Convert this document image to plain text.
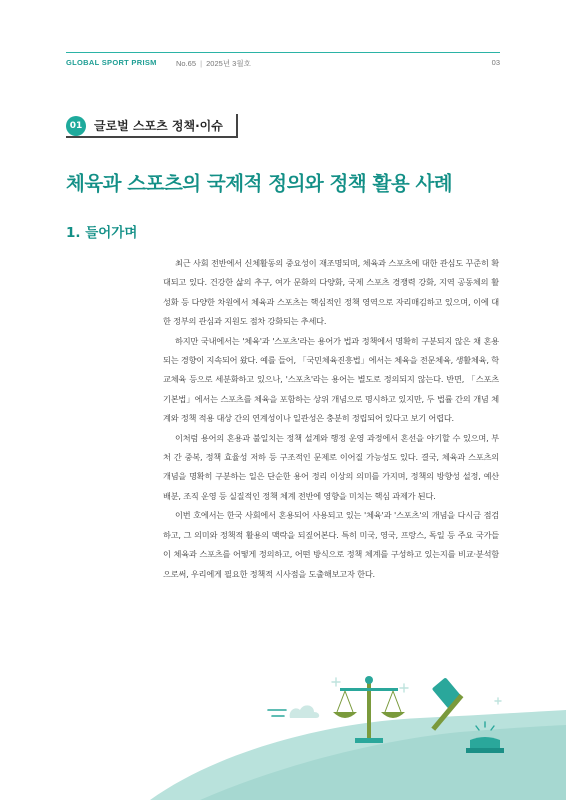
GLOBAL SPORT PRISM	No.65 | 2025년 3월호	03
01 글로벌 스포츠 정책·이슈
체육과 스포츠의 국제적 정의와 정책 활용 사례
1. 들어가며

최근 사회 전반에서 신체활동의 중요성이 재조명되며, 체육과 스포츠에 대한 관심도 꾸준히 확대되고 있다. 건강한 삶의 추구, 여가 문화의 다양화, 국제 스포츠 경쟁력 강화, 지역 공동체의 활성화 등 다양한 차원에서 체육과 스포츠는 핵심적인 정책 영역으로 자리매김하고 있으며, 이에 대한 정부의 관심과 지원도 점차 강화되는 추세다.

하지만 국내에서는 '체육'과 '스포츠'라는 용어가 법과 정책에서 명확히 구분되지 않은 채 혼용되는 경향이 지속되어 왔다. 예를 들어, 「국민체육진흥법」에서는 체육을 전문체육, 생활체육, 학교체육 등으로 세분화하고 있으나, '스포츠'라는 용어는 별도로 정의되지 않는다. 반면, 「스포츠기본법」에서는 스포츠를 체육을 포함하는 상위 개념으로 명시하고 있지만, 두 법률 간의 개념 체계와 정책 적용 대상 간의 연계성이나 일관성은 충분히 정립되어 있다고 보기 어렵다.

이처럼 용어의 혼용과 불일치는 정책 설계와 행정 운영 과정에서 혼선을 야기할 수 있으며, 부처 간 중복, 정책 효율성 저하 등 구조적인 문제로 이어질 가능성도 있다. 결국, 체육과 스포츠의 개념을 명확히 구분하는 일은 단순한 용어 정리 이상의 의미를 가지며, 정책의 방향성 설정, 예산 배분, 조직 운영 등 실질적인 정책 체계 전반에 영향을 미치는 핵심 과제가 된다.

이번 호에서는 한국 사회에서 혼용되어 사용되고 있는 '체육'과 '스포츠'의 개념을 다시금 점검하고, 그 의미와 정책적 활용의 맥락을 되짚어본다. 특히 미국, 영국, 프랑스, 독일 등 주요 국가들이 체육과 스포츠를 어떻게 정의하고, 어떤 방식으로 정책 체계를 구성하고 있는지를 비교·분석함으로써, 우리에게 필요한 정책적 시사점을 도출해보고자 한다.
